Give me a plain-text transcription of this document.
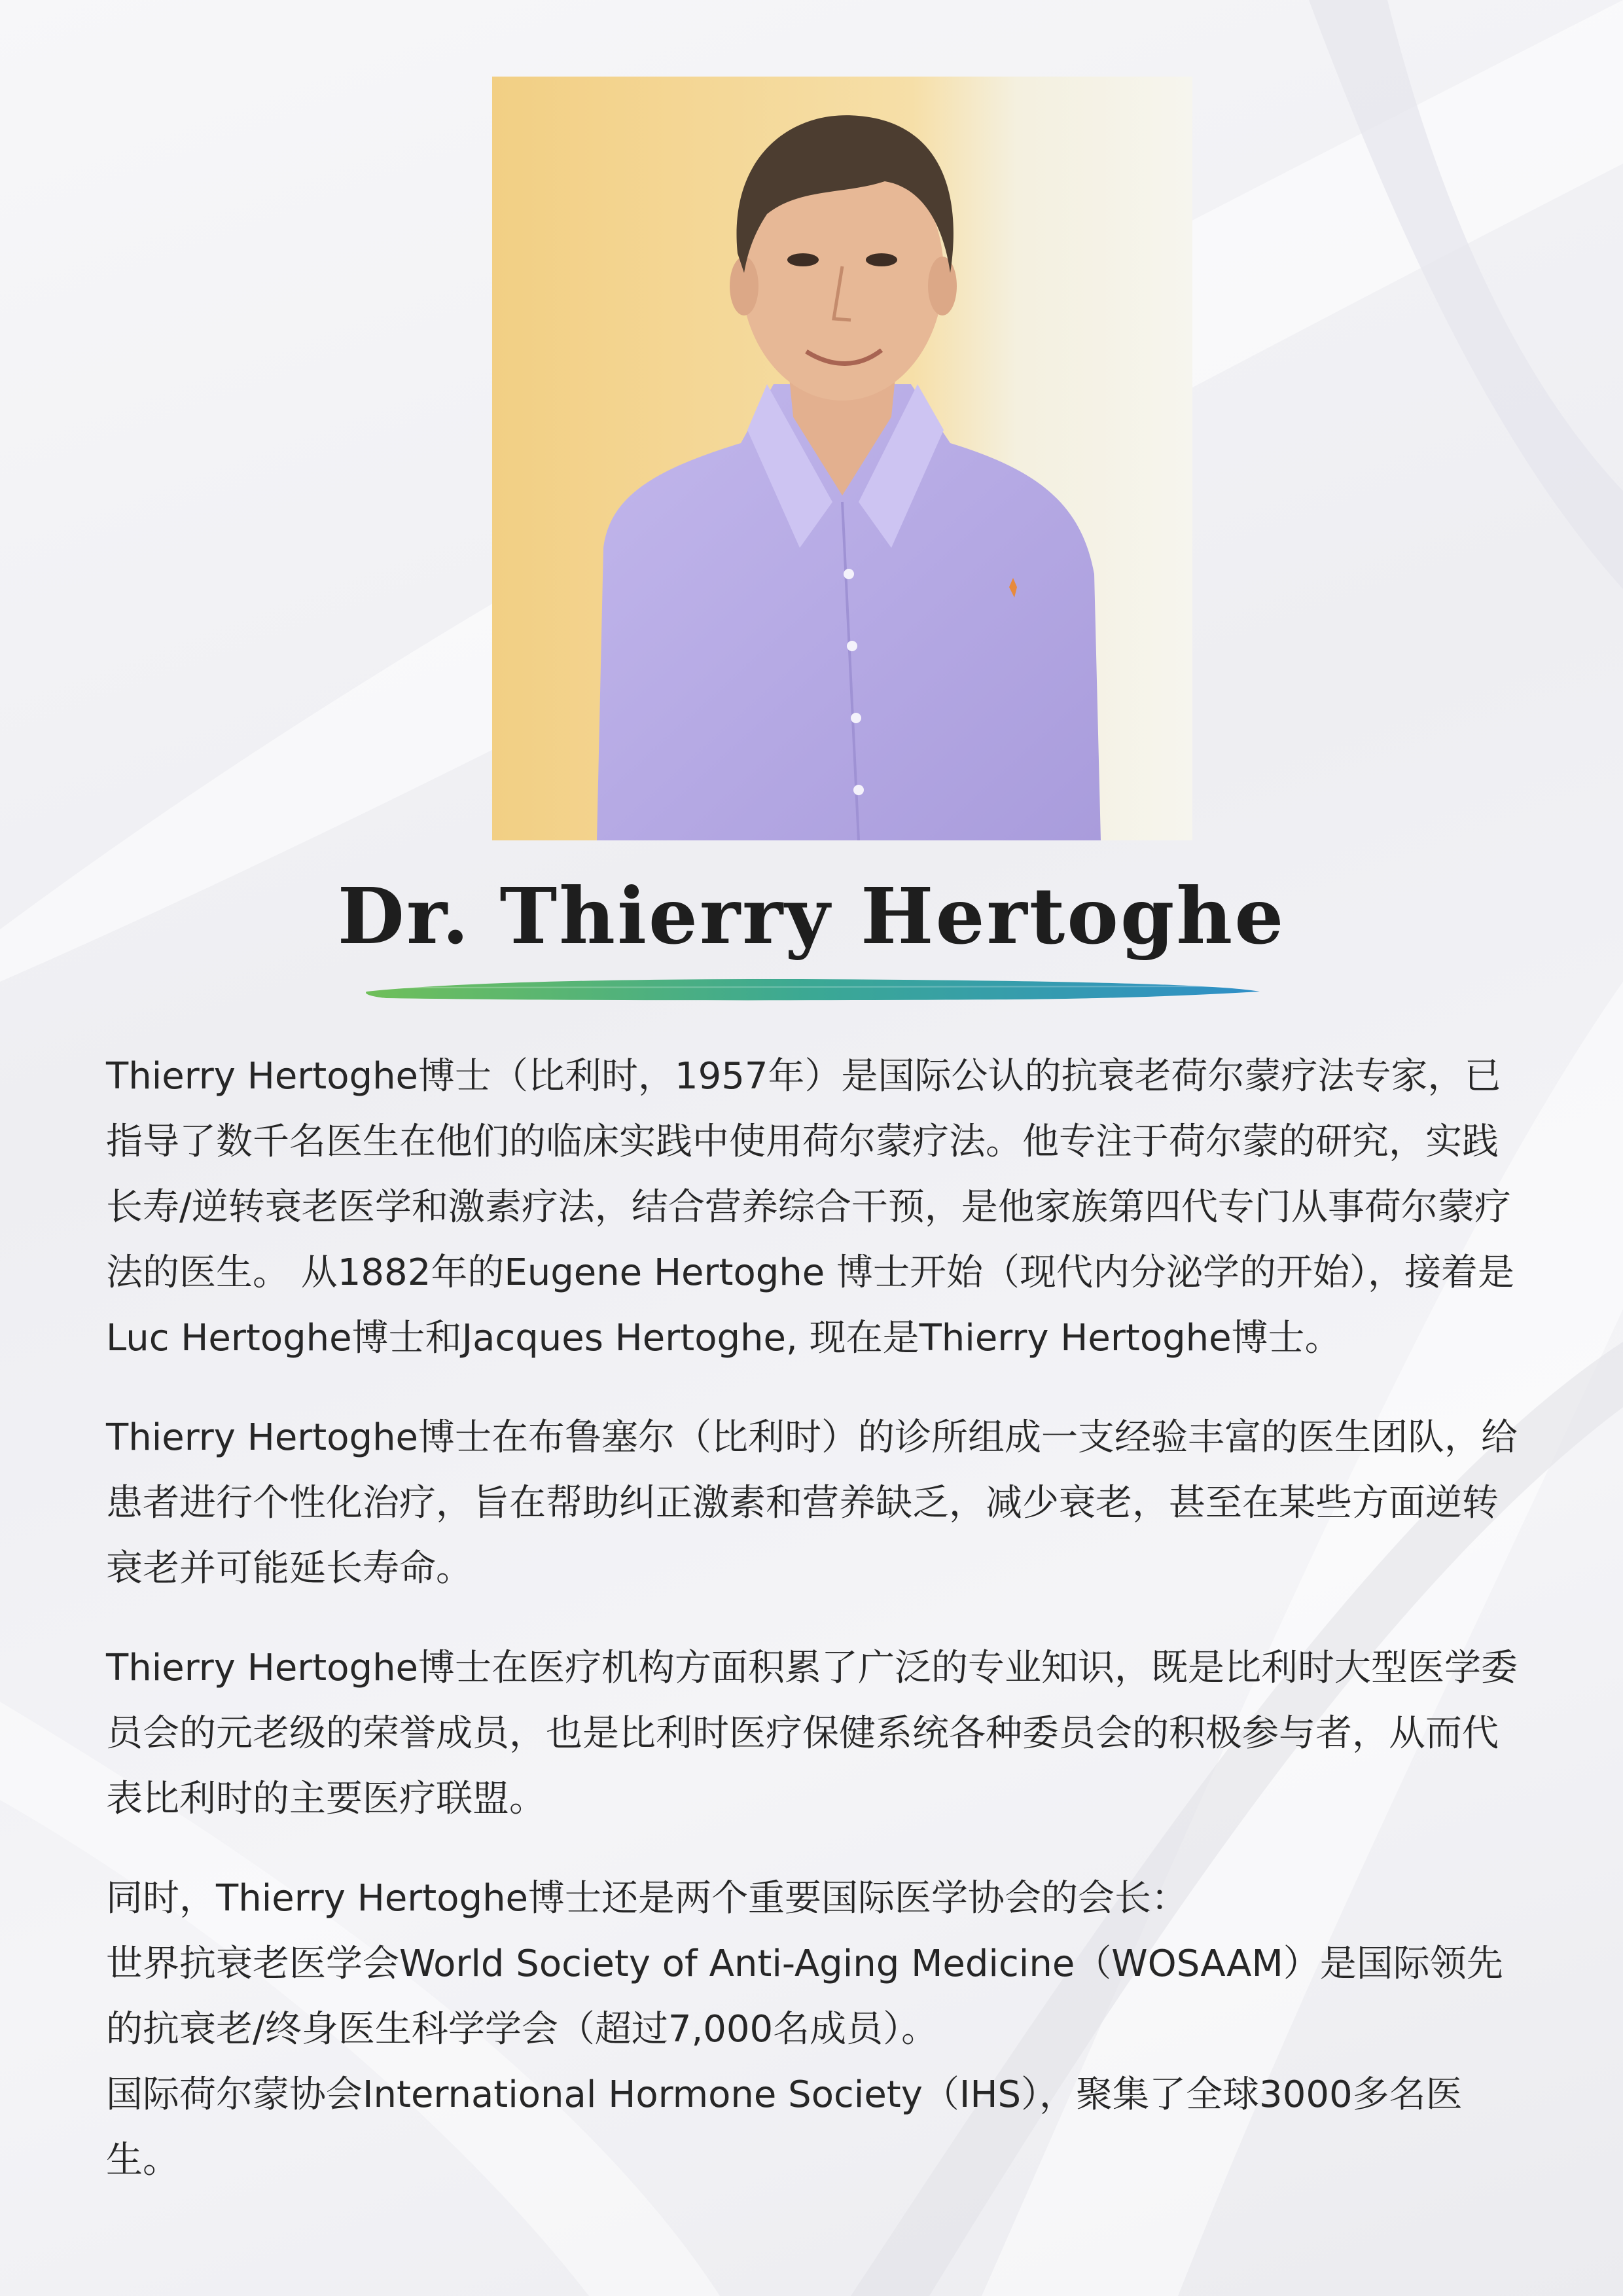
Dr. Thierry Hertoghe

Thierry Hertoghe博士（比利时，1957年）是国际公认的抗衰老荷尔蒙疗法专家，已指导了数千名医生在他们的临床实践中使用荷尔蒙疗法。他专注于荷尔蒙的研究，实践长寿/逆转衰老医学和激素疗法，结合营养综合干预，是他家族第四代专门从事荷尔蒙疗法的医生。 从1882年的Eugene Hertoghe 博士开始（现代内分泌学的开始），接着是Luc Hertoghe博士和Jacques Hertoghe, 现在是Thierry Hertoghe博士。

Thierry Hertoghe博士在布鲁塞尔（比利时）的诊所组成一支经验丰富的医生团队，给患者进行个性化治疗，旨在帮助纠正激素和营养缺乏，减少衰老，甚至在某些方面逆转衰老并可能延长寿命。

Thierry Hertoghe博士在医疗机构方面积累了广泛的专业知识，既是比利时大型医学委员会的元老级的荣誉成员，也是比利时医疗保健系统各种委员会的积极参与者，从而代表比利时的主要医疗联盟。

同时，Thierry Hertoghe博士还是两个重要国际医学协会的会长：

世界抗衰老医学会World Society of Anti-Aging Medicine（WOSAAM）是国际领先的抗衰老/终身医生科学学会（超过7,000名成员）。

国际荷尔蒙协会International Hormone Society（IHS），聚集了全球3000多名医生。
